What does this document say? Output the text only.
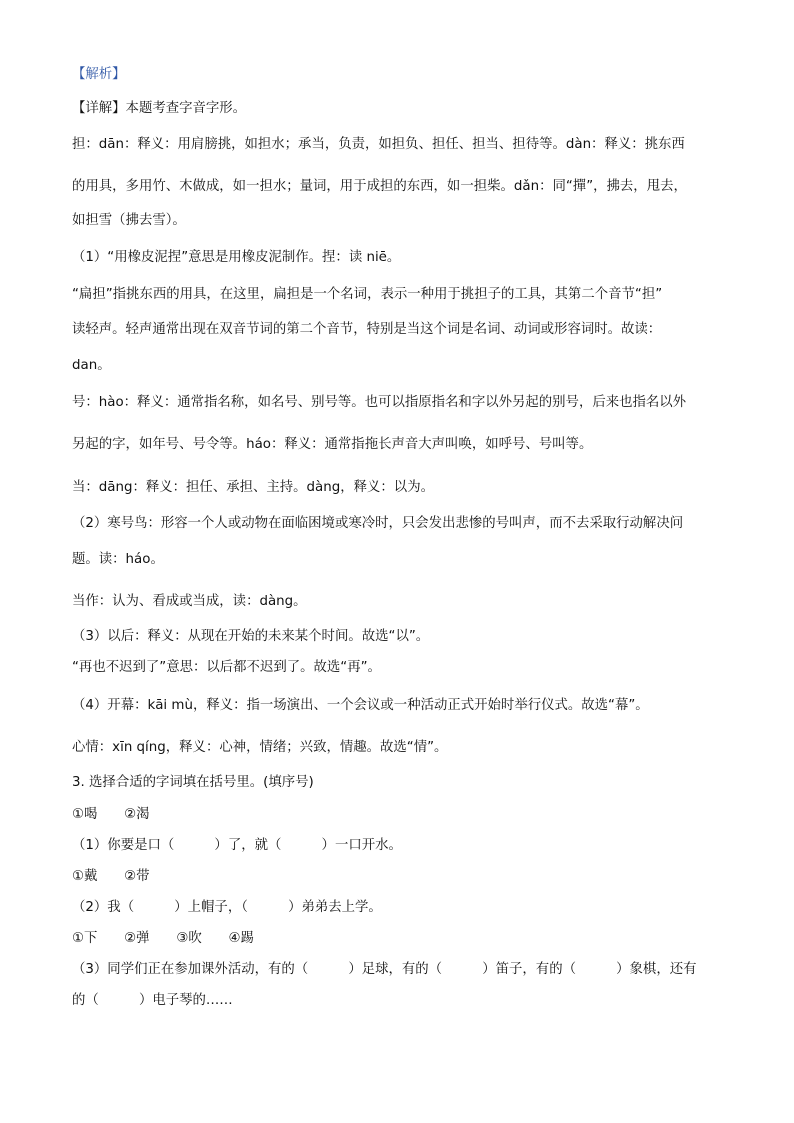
【解析】
【详解】本题考查字音字形。
担：dān：释义：用肩膀挑，如担水；承当，负责，如担负、担任、担当、担待等。dàn：释义：挑东西
的用具，多用竹、木做成，如一担水；量词，用于成担的东西，如一担柴。dǎn：同“撣”，拂去，甩去，
如担雪（拂去雪）。
（1）“用橡皮泥捏”意思是用橡皮泥制作。捏：读 niē。
“扁担”指挑东西的用具，在这里，扁担是一个名词，表示一种用于挑担子的工具，其第二个音节“担”
读轻声。轻声通常出现在双音节词的第二个音节，特别是当这个词是名词、动词或形容词时。故读：
dan。
号：hào：释义：通常指名称，如名号、别号等。也可以指原指名和字以外另起的别号，后来也指名以外
另起的字，如年号、号令等。háo：释义：通常指拖长声音大声叫唤，如呼号、号叫等。
当：dāng：释义：担任、承担、主持。dàng，释义：以为。
（2）寒号鸟：形容一个人或动物在面临困境或寒冷时，只会发出悲惨的号叫声，而不去采取行动解决问
题。读：háo。
当作：认为、看成或当成，读：dàng。
（3）以后：释义：从现在开始的未来某个时间。故选“以”。
“再也不迟到了”意思：以后都不迟到了。故选“再”。
（4）开幕：kāi mù，释义：指一场演出、一个会议或一种活动正式开始时举行仪式。故选“幕”。
心情：xīn qíng，释义：心神，情绪；兴致，情趣。故选“情”。
3. 选择合适的字词填在括号里。(填序号)
①喝　　②渴
（1）你要是口（　　　）了，就（　　　）一口开水。
①戴　　②带
（2）我（　　　）上帽子，（　　　）弟弟去上学。
①下　　②弹　　③吹　　④踢
（3）同学们正在参加课外活动，有的（　　　）足球，有的（　　　）笛子，有的（　　　）象棋，还有
的（　　　）电子琴的……
